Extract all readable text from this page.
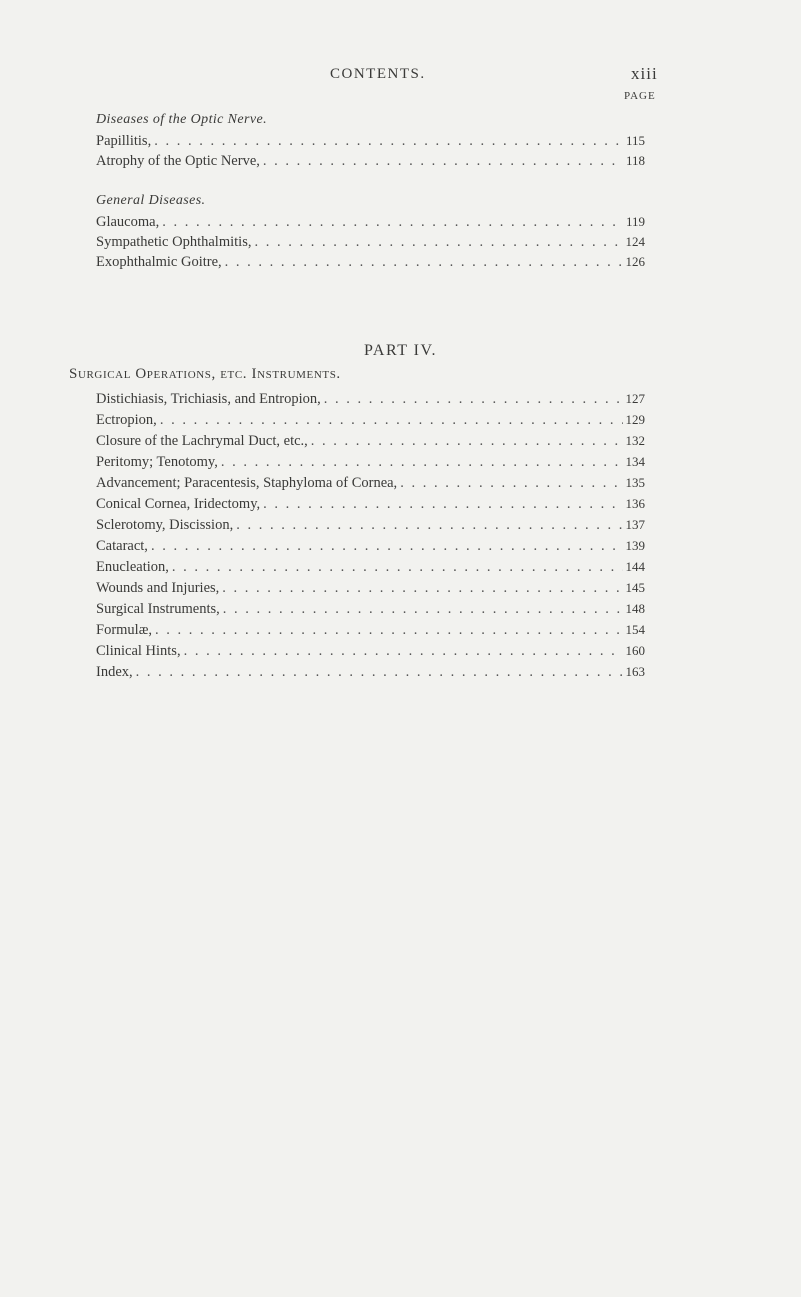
CONTENTS.	xiii
PAGE
Diseases of the Optic Nerve.
Papillitis, . . .	115
Atrophy of the Optic Nerve, . . .	118
General Diseases.
Glaucoma, . . .	119
Sympathetic Ophthalmitis, . . .	124
Exophthalmic Goitre, . . .	126
PART IV.
Surgical Operations, etc. Instruments.
Distichiasis, Trichiasis, and Entropion, . . .	127
Ectropion, . . .	129
Closure of the Lachrymal Duct, etc., . . .	132
Peritomy; Tenotomy, . . .	134
Advancement; Paracentesis, Staphyloma of Cornea, . . .	135
Conical Cornea, Iridectomy, . . .	136
Sclerotomy, Discission, . . .	137
Cataract, . . .	139
Enucleation, . . .	144
Wounds and Injuries, . . .	145
Surgical Instruments, . . .	148
Formulæ, . . .	154
Clinical Hints, . . .	160
Index, . . .	163
